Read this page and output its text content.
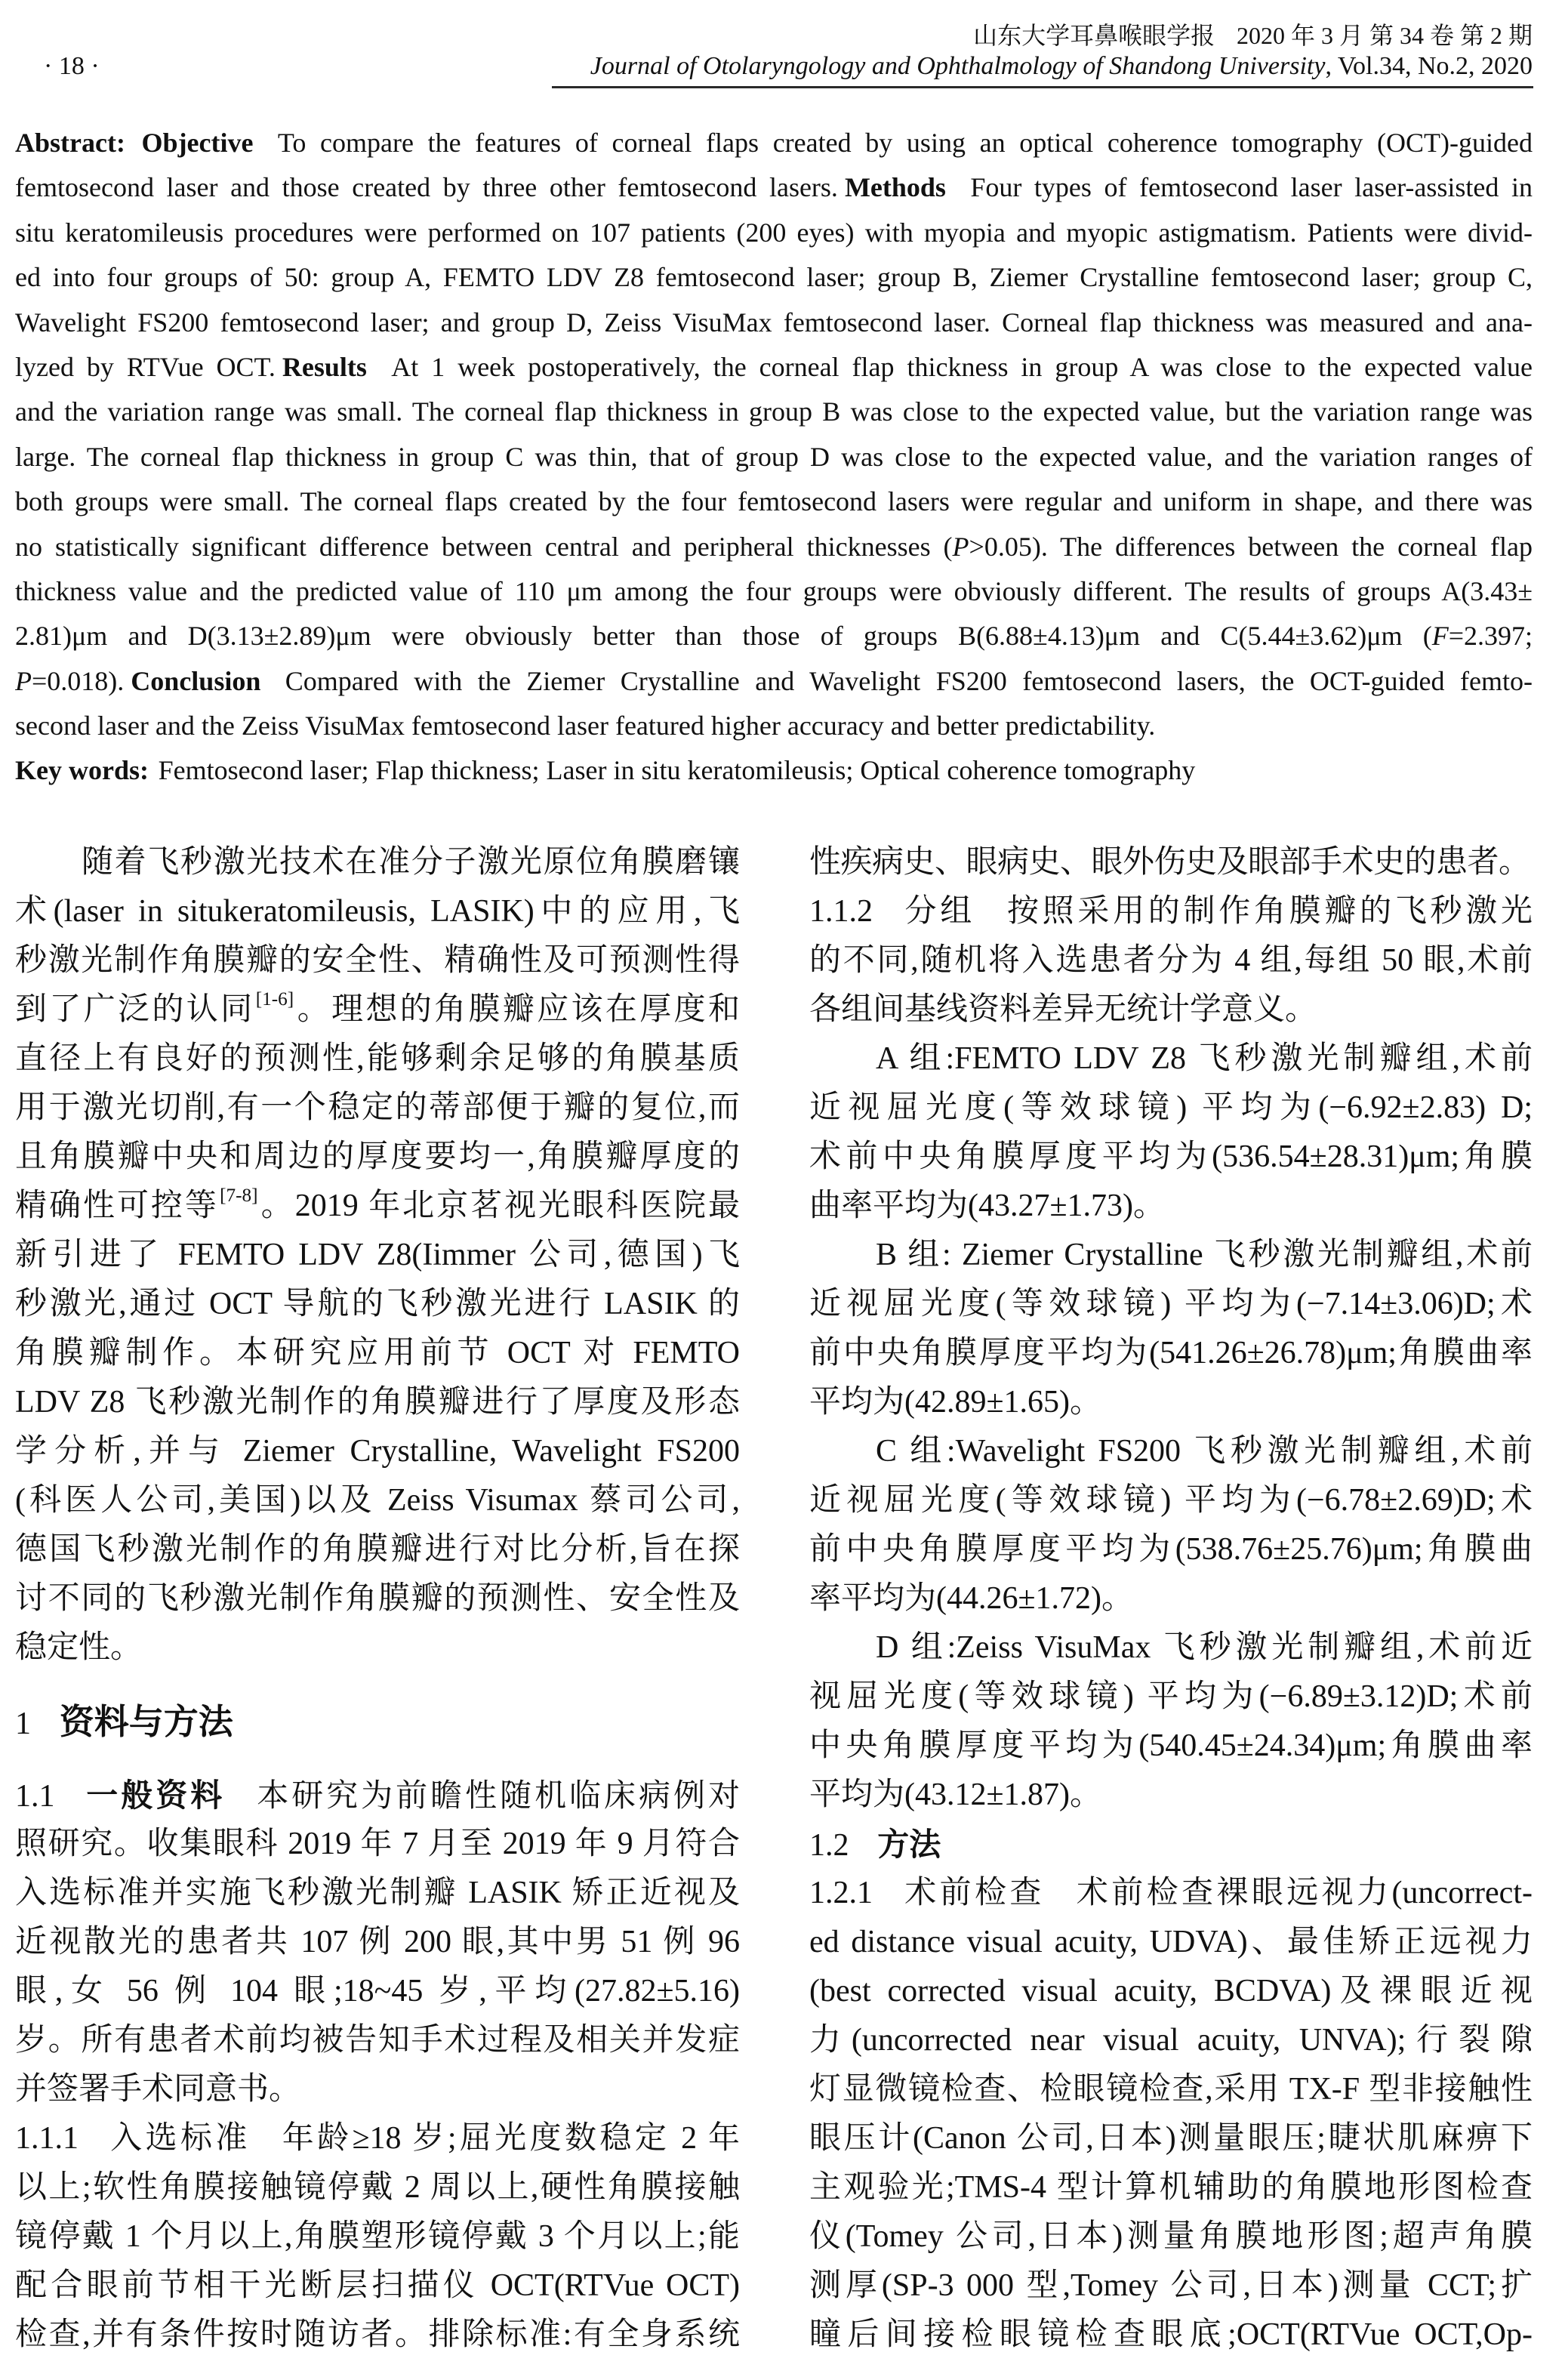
· 18 ·
山东大学耳鼻喉眼学报 2020 年 3 月 第 34 卷 第 2 期
Journal of Otolaryngology and Ophthalmology of Shandong University, Vol.34, No.2, 2020
Abstract: Objective To compare the features of corneal flaps created by using an optical coherence tomography (OCT)-guided
femtosecond laser and those created by three other femtosecond lasers. Methods Four types of femtosecond laser laser-assisted in
situ keratomileusis procedures were performed on 107 patients (200 eyes) with myopia and myopic astigmatism. Patients were divid-
ed into four groups of 50: group A, FEMTO LDV Z8 femtosecond laser; group B, Ziemer Crystalline femtosecond laser; group C,
Wavelight FS200 femtosecond laser; and group D, Zeiss VisuMax femtosecond laser. Corneal flap thickness was measured and ana-
lyzed by RTVue OCT. Results At 1 week postoperatively, the corneal flap thickness in group A was close to the expected value
and the variation range was small. The corneal flap thickness in group B was close to the expected value, but the variation range was
large. The corneal flap thickness in group C was thin, that of group D was close to the expected value, and the variation ranges of
both groups were small. The corneal flaps created by the four femtosecond lasers were regular and uniform in shape, and there was
no statistically significant difference between central and peripheral thicknesses (P>0.05). The differences between the corneal flap
thickness value and the predicted value of 110 μm among the four groups were obviously different. The results of groups A(3.43±
2.81)μm and D(3.13±2.89)μm were obviously better than those of groups B(6.88±4.13)μm and C(5.44±3.62)μm (F=2.397;
P=0.018). Conclusion Compared with the Ziemer Crystalline and Wavelight FS200 femtosecond lasers, the OCT-guided femto-
second laser and the Zeiss VisuMax femtosecond laser featured higher accuracy and better predictability.
Key words: Femtosecond laser; Flap thickness; Laser in situ keratomileusis; Optical coherence tomography
随着飞秒激光技术在准分子激光原位角膜磨镶
术(laser in situkeratomileusis, LASIK)中的应用,飞
秒激光制作角膜瓣的安全性、精确性及可预测性得
到了广泛的认同[1-6]。理想的角膜瓣应该在厚度和
直径上有良好的预测性,能够剩余足够的角膜基质
用于激光切削,有一个稳定的蒂部便于瓣的复位,而
且角膜瓣中央和周边的厚度要均一,角膜瓣厚度的
精确性可控等[7-8]。2019 年北京茗视光眼科医院最
新引进了 FEMTO LDV Z8(Iimmer 公司,德国)飞
秒激光,通过 OCT 导航的飞秒激光进行 LASIK 的
角膜瓣制作。本研究应用前节 OCT 对 FEMTO
LDV Z8 飞秒激光制作的角膜瓣进行了厚度及形态
学分析,并与 Ziemer Crystalline, Wavelight FS200
(科医人公司,美国)以及 Zeiss Visumax 蔡司公司,
德国飞秒激光制作的角膜瓣进行对比分析,旨在探
讨不同的飞秒激光制作角膜瓣的预测性、安全性及
稳定性。
1 资料与方法
1.1 一般资料 本研究为前瞻性随机临床病例对
照研究。收集眼科 2019 年 7 月至 2019 年 9 月符合
入选标准并实施飞秒激光制瓣 LASIK 矫正近视及
近视散光的患者共 107 例 200 眼,其中男 51 例 96
眼,女 56 例 104 眼;18~45 岁,平均(27.82±5.16)
岁。所有患者术前均被告知手术过程及相关并发症
并签署手术同意书。
1.1.1 入选标准 年龄≥18 岁;屈光度数稳定 2 年
以上;软性角膜接触镜停戴 2 周以上,硬性角膜接触
镜停戴 1 个月以上,角膜塑形镜停戴 3 个月以上;能
配合眼前节相干光断层扫描仪 OCT(RTVue OCT)
检查,并有条件按时随访者。排除标准:有全身系统
性疾病史、眼病史、眼外伤史及眼部手术史的患者。
1.1.2 分组 按照采用的制作角膜瓣的飞秒激光
的不同,随机将入选患者分为 4 组,每组 50 眼,术前
各组间基线资料差异无统计学意义。
A 组:FEMTO LDV Z8 飞秒激光制瓣组,术前
近视屈光度(等效球镜) 平均为(−6.92±2.83) D;
术前中央角膜厚度平均为(536.54±28.31)μm;角膜
曲率平均为(43.27±1.73)。
B 组: Ziemer Crystalline 飞秒激光制瓣组,术前
近视屈光度(等效球镜) 平均为(−7.14±3.06)D;术
前中央角膜厚度平均为(541.26±26.78)μm;角膜曲率
平均为(42.89±1.65)。
C 组:Wavelight FS200 飞秒激光制瓣组,术前
近视屈光度(等效球镜) 平均为(−6.78±2.69)D;术
前中央角膜厚度平均为(538.76±25.76)μm;角膜曲
率平均为(44.26±1.72)。
D 组:Zeiss VisuMax 飞秒激光制瓣组,术前近
视屈光度(等效球镜) 平均为(−6.89±3.12)D;术前
中央角膜厚度平均为(540.45±24.34)μm;角膜曲率
平均为(43.12±1.87)。
1.2 方法
1.2.1 术前检查 术前检查裸眼远视力(uncorrect-
ed distance visual acuity, UDVA)、最佳矫正远视力
(best corrected visual acuity, BCDVA)及裸眼近视
力(uncorrected near visual acuity, UNVA);行裂隙
灯显微镜检查、检眼镜检查,采用 TX-F 型非接触性
眼压计(Canon 公司,日本)测量眼压;睫状肌麻痹下
主观验光;TMS-4 型计算机辅助的角膜地形图检查
仪(Tomey 公司,日本)测量角膜地形图;超声角膜
测厚(SP-3 000 型,Tomey 公司,日本)测量 CCT;扩
瞳后间接检眼镜检查眼底;OCT(RTVue OCT,Op-
